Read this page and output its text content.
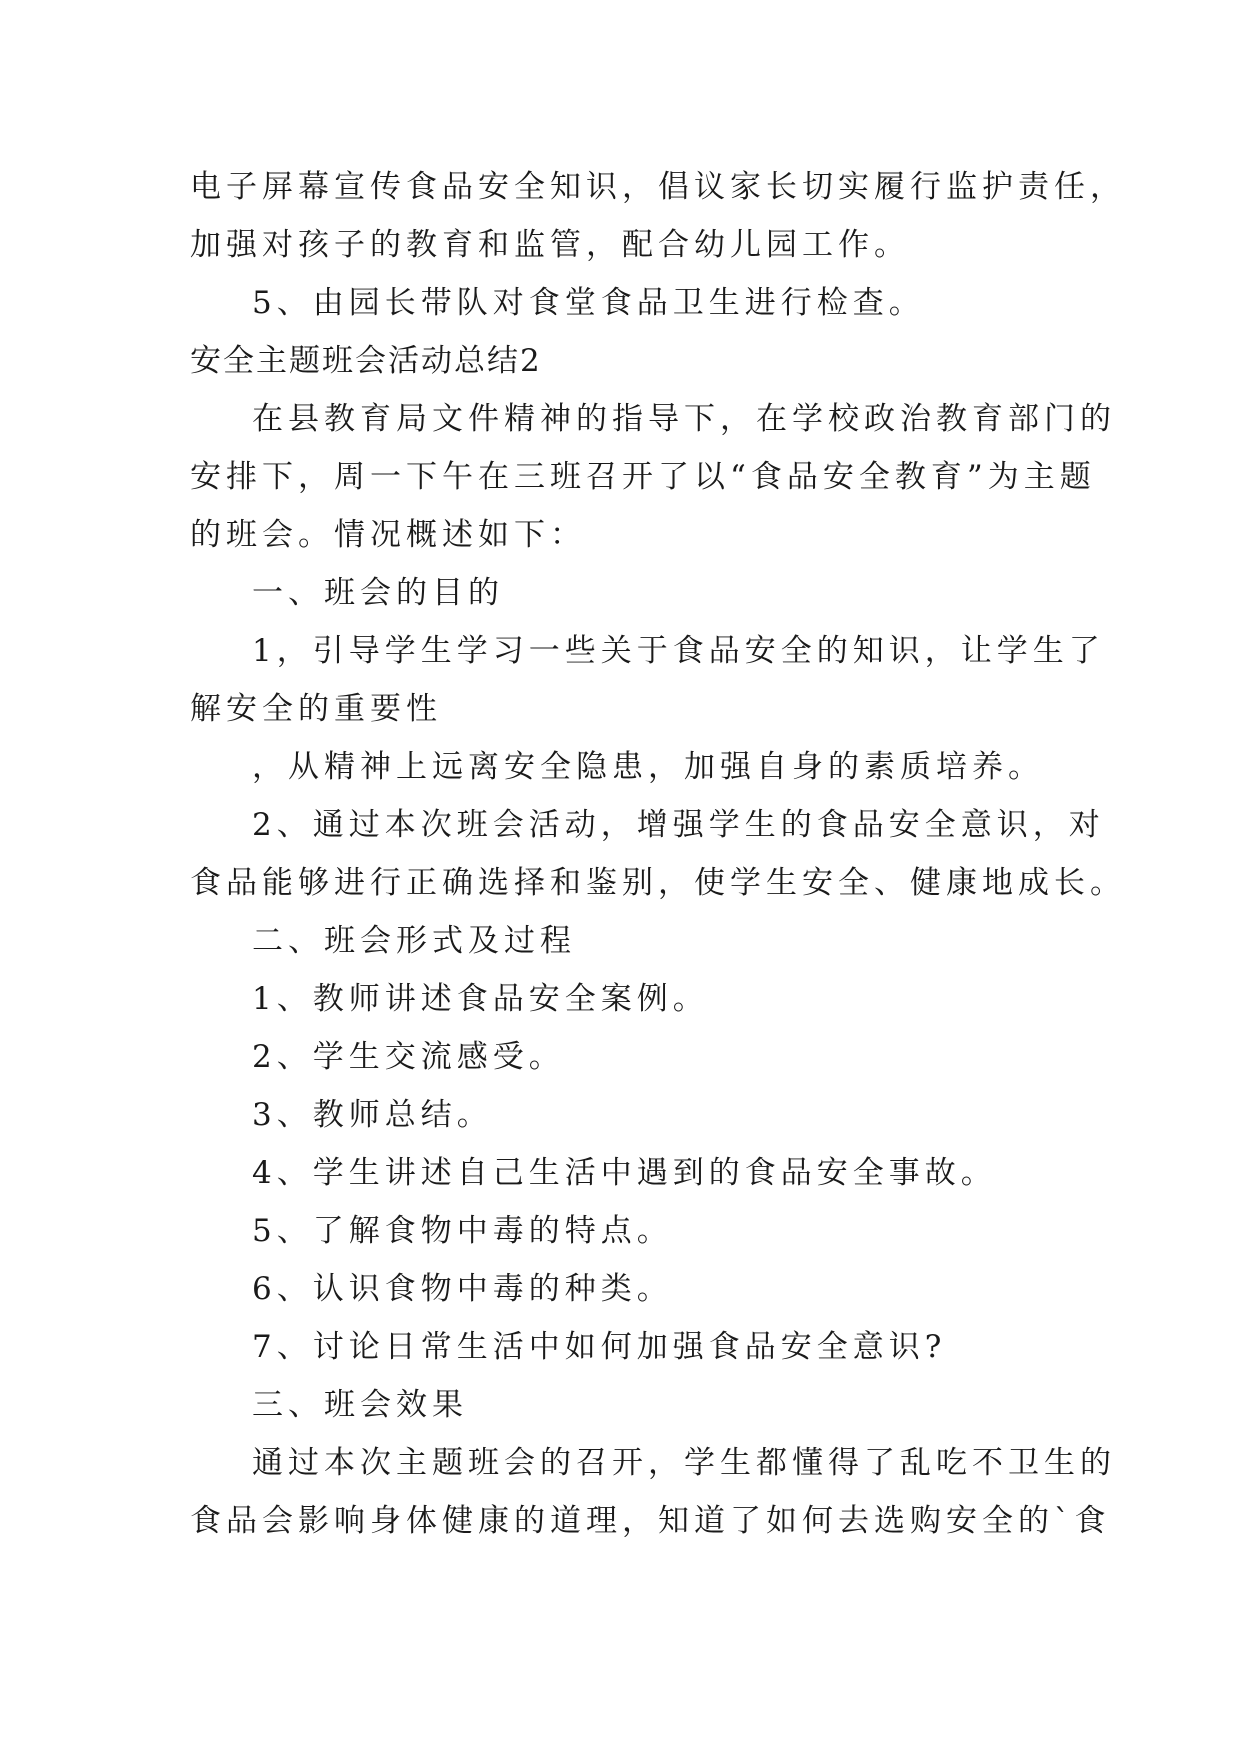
电子屏幕宣传食品安全知识，倡议家长切实履行监护责任，
加强对孩子的教育和监管，配合幼儿园工作。
5、由园长带队对食堂食品卫生进行检查。
安全主题班会活动总结2
在县教育局文件精神的指导下，在学校政治教育部门的
安排下，周一下午在三班召开了以“食品安全教育”为主题
的班会。情况概述如下：
一、班会的目的
1，引导学生学习一些关于食品安全的知识，让学生了
解安全的重要性
，从精神上远离安全隐患，加强自身的素质培养。
2、通过本次班会活动，增强学生的食品安全意识，对
食品能够进行正确选择和鉴别，使学生安全、健康地成长。
二、班会形式及过程
1、教师讲述食品安全案例。
2、学生交流感受。
3、教师总结。
4、学生讲述自己生活中遇到的食品安全事故。
5、了解食物中毒的特点。
6、认识食物中毒的种类。
7、讨论日常生活中如何加强食品安全意识?
三、班会效果
通过本次主题班会的召开，学生都懂得了乱吃不卫生的
食品会影响身体健康的道理，知道了如何去选购安全的`食
